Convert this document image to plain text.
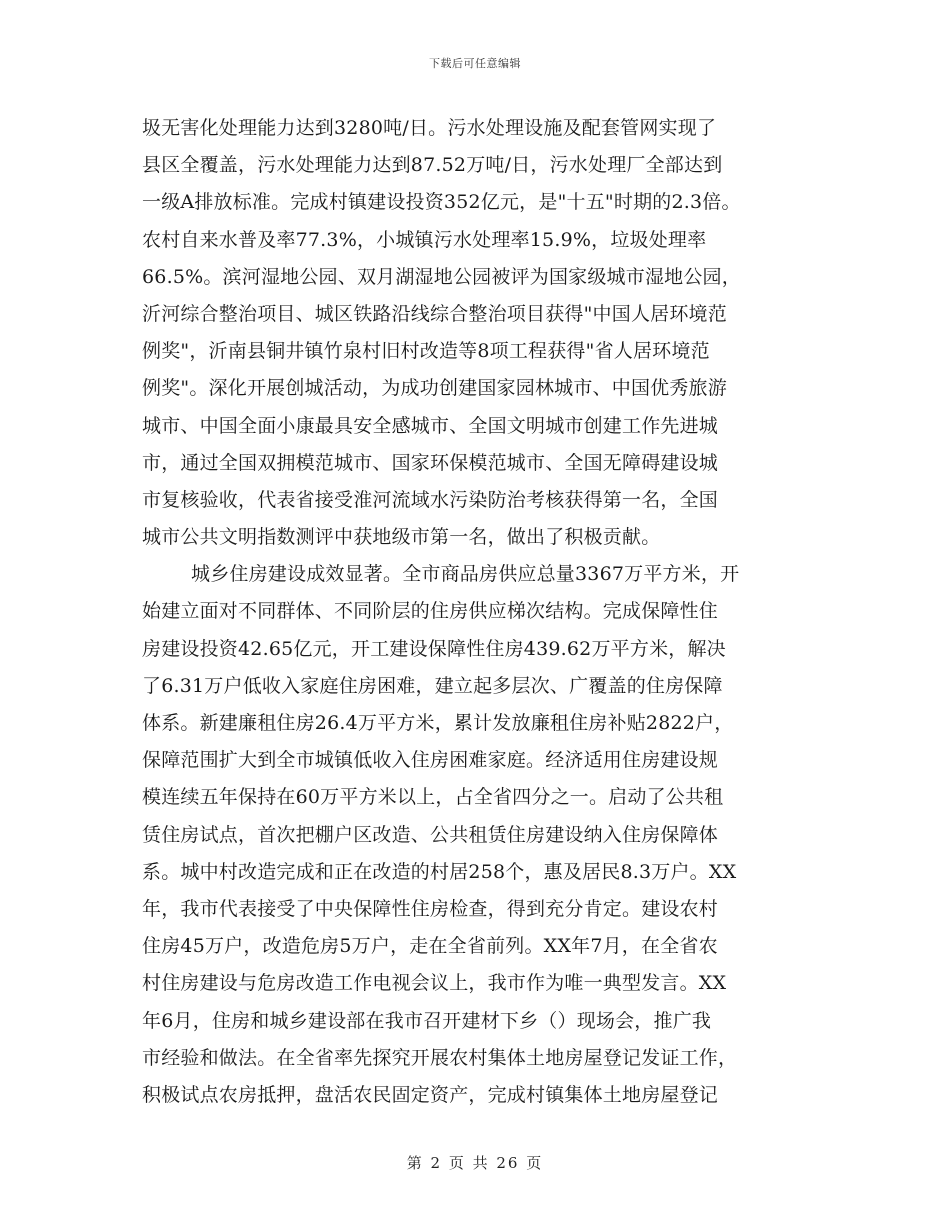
下载后可任意编辑
圾无害化处理能力达到3280吨/日。污水处理设施及配套管网实现了
县区全覆盖，污水处理能力达到87.52万吨/日，污水处理厂全部达到
一级A排放标准。完成村镇建设投资352亿元，是"十五"时期的2.3倍。
农村自来水普及率77.3%，小城镇污水处理率15.9%，垃圾处理率
66.5%。滨河湿地公园、双月湖湿地公园被评为国家级城市湿地公园，
沂河综合整治项目、城区铁路沿线综合整治项目获得"中国人居环境范
例奖"，沂南县铜井镇竹泉村旧村改造等8项工程获得"省人居环境范
例奖"。深化开展创城活动，为成功创建国家园林城市、中国优秀旅游
城市、中国全面小康最具安全感城市、全国文明城市创建工作先进城
市，通过全国双拥模范城市、国家环保模范城市、全国无障碍建设城
市复核验收，代表省接受淮河流域水污染防治考核获得第一名，全国
城市公共文明指数测评中获地级市第一名，做出了积极贡献。
城乡住房建设成效显著。全市商品房供应总量3367万平方米，开
始建立面对不同群体、不同阶层的住房供应梯次结构。完成保障性住
房建设投资42.65亿元，开工建设保障性住房439.62万平方米，解决
了6.31万户低收入家庭住房困难，建立起多层次、广覆盖的住房保障
体系。新建廉租住房26.4万平方米，累计发放廉租住房补贴2822户，
保障范围扩大到全市城镇低收入住房困难家庭。经济适用住房建设规
模连续五年保持在60万平方米以上，占全省四分之一。启动了公共租
赁住房试点，首次把棚户区改造、公共租赁住房建设纳入住房保障体
系。城中村改造完成和正在改造的村居258个，惠及居民8.3万户。XX
年，我市代表接受了中央保障性住房检查，得到充分肯定。建设农村
住房45万户，改造危房5万户，走在全省前列。XX年7月，在全省农
村住房建设与危房改造工作电视会议上，我市作为唯一典型发言。XX
年6月，住房和城乡建设部在我市召开建材下乡（）现场会，推广我
市经验和做法。在全省率先探究开展农村集体土地房屋登记发证工作，
积极试点农房抵押，盘活农民固定资产，完成村镇集体土地房屋登记
第 2 页 共 26 页
